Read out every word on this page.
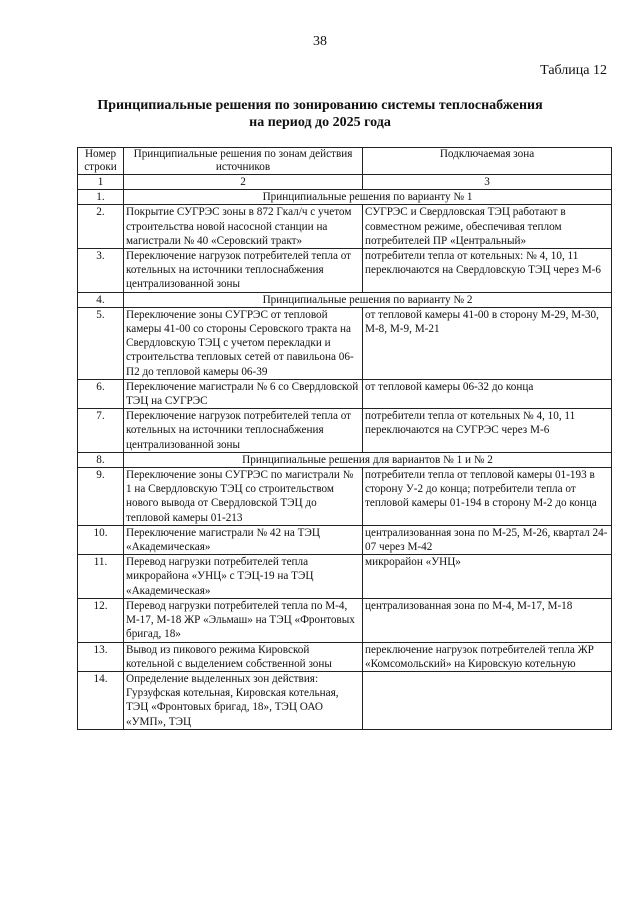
38
Таблица 12
Принципиальные решения по зонированию системы теплоснабжения
на период до 2025 года
Номер строки	Принципиальные решения по зонам действия источников	Подключаемая зона
1	2	3
1.	Принципиальные решения по варианту № 1	
2.	Покрытие СУГРЭС зоны в 872 Гкал/ч с учетом строительства новой насосной станции на магистрали № 40 «Серовский тракт»	СУГРЭС и Свердловская ТЭЦ работают в совместном режиме, обеспечивая теплом потребителей ПР «Центральный»
3.	Переключение нагрузок потребителей тепла от котельных на источники теплоснабжения централизованной зоны	потребители тепла от котельных: № 4, 10, 11 переключаются на Свердловскую ТЭЦ через М-6
4.	Принципиальные решения по варианту № 2	
5.	Переключение зоны СУГРЭС от тепловой камеры 41-00 со стороны Серовского тракта на Свердловскую ТЭЦ с учетом перекладки и строительства тепловых сетей от павильона 06-П2 до тепловой камеры 06-39	от тепловой камеры 41-00 в сторону М-29, М-30, М-8, М-9, М-21
6.	Переключение магистрали № 6 со Свердловской ТЭЦ на СУГРЭС	от тепловой камеры 06-32 до конца
7.	Переключение нагрузок потребителей тепла от котельных на источники теплоснабжения централизованной зоны	потребители тепла от котельных № 4, 10, 11 переключаются на СУГРЭС через М-6
8.	Принципиальные решения для вариантов № 1 и № 2	
9.	Переключение зоны СУГРЭС по магистрали № 1 на Свердловскую ТЭЦ со строительством нового вывода от Свердловской ТЭЦ до тепловой камеры 01-213	потребители тепла от тепловой камеры 01-193 в сторону У-2 до конца; потребители тепла от тепловой камеры 01-194 в сторону М-2 до конца
10.	Переключение магистрали № 42 на ТЭЦ «Академическая»	централизованная зона по М-25, М-26, квартал 24-07 через М-42
11.	Перевод нагрузки потребителей тепла микрорайона «УНЦ» с ТЭЦ-19 на ТЭЦ «Академическая»	микрорайон «УНЦ»
12.	Перевод нагрузки потребителей тепла по М-4, М-17, М-18 ЖР «Эльмаш» на ТЭЦ «Фронтовых бригад, 18»	централизованная зона по М-4, М-17, М-18
13.	Вывод из пикового режима Кировской котельной с выделением собственной зоны	переключение нагрузок потребителей тепла ЖР «Комсомольский» на Кировскую котельную
14.	Определение выделенных зон действия: Гурзуфская котельная, Кировская котельная, ТЭЦ «Фронтовых бригад, 18», ТЭЦ ОАО «УМП», ТЭЦ	
